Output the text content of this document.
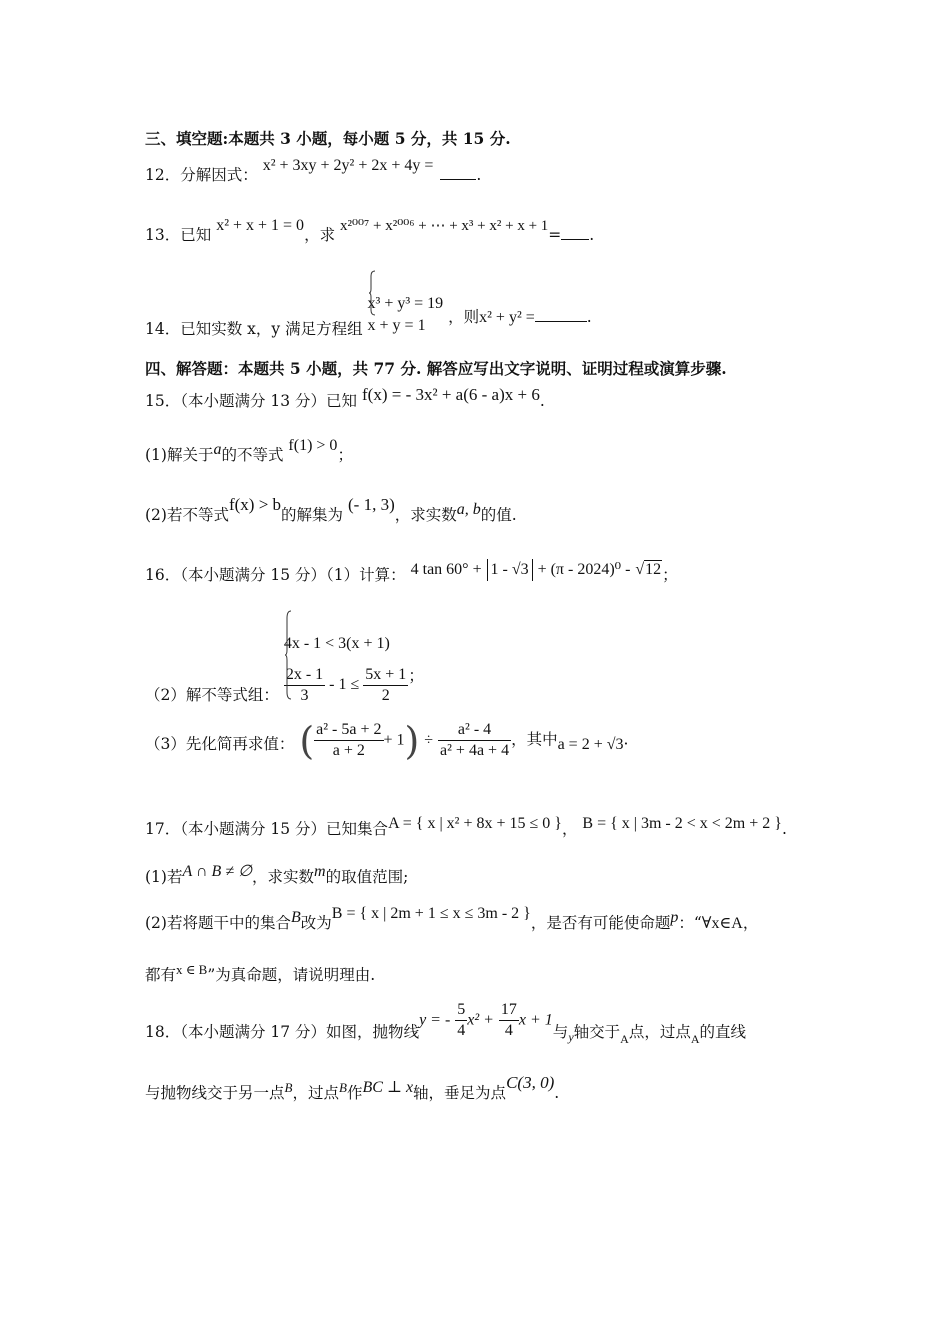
三、填空题:本题共 3 小题，每小题 5 分，共 15 分.
12．分解因式： x² + 3xy + 2y² + 2x + 4y = .
13．已知 x² + x + 1 = 0，求 x²⁰⁰⁷ + x²⁰⁰⁶ + ⋯ + x³ + x² + x + 1= .
14．已知实数 x，y 满足方程组
x³ + y³ = 19
x + y = 1	，则x² + y² =	.
四、解答题：本题共 5 小题，共 77 分. 解答应写出文字说明、证明过程或演算步骤.
15．（本小题满分 13 分）已知 f(x) = - 3x² + a(6 - a)x + 6.
(1)解关于a的不等式 f(1) > 0；
(2)若不等式f(x) > b的解集为 (- 1, 3)，求实数a, b的值.
16．（本小题满分 15 分）（1）计算： 4 tan 60° + 1 - √3 + (π - 2024)⁰ - √12；
（2）解不等式组：
4x - 1 < 3(x + 1)
$\frac{2x - 1}{3} - 1 \le \frac{5x + 1}{2}$ ；
（3）先化简再求值： ( $\frac{\text{a² - 5a + 2}}{a + 2} + 1) \div \frac{\text{a² - 4}}{\text{a² + 4a + 4}}$ ，其中a = 2 + √3.
17．（本小题满分 15 分）已知集合A = { x | x² + 8x + 15 ≤ 0 }， B = { x | 3m - 2 < x < 2m + 2 }.
(1)若A ∩ B ≠ ∅，求实数m的取值范围;
(2)若将题干中的集合B改为B = { x | 2m + 1 ≤ x ≤ 3m - 2 }，是否有可能使命题p：“∀x∈A，
都有$^{x \in B}$”为真命题，请说明理由.
18．（本小题满分 17 分）如图，抛物线y = - $\frac{5}{4} x^2 + \frac{17}{4}$ x + 1与$_y$轴交于$_A$点，过点$_A$的直线
与抛物线交于另一点$^B$，过点$^B$作BC ⊥ x轴，垂足为点C(3, 0).
